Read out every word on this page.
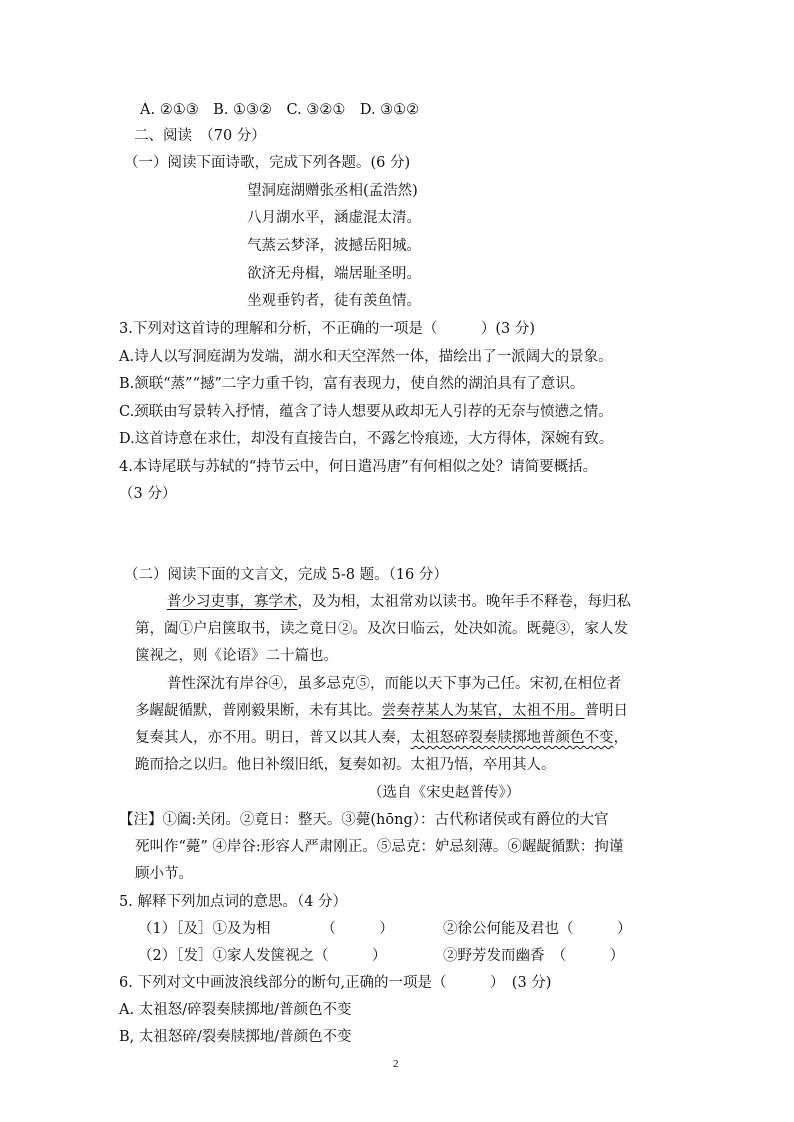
A. ②①③　B. ①③②　C. ③②①　D. ③①②
二、阅读　（70 分）
（一）阅读下面诗歌，完成下列各题。(6 分)
望洞庭湖赠张丞相(孟浩然)
八月湖水平，涵虚混太清。
气蒸云梦泽，波撼岳阳城。
欲济无舟楫，端居耻圣明。
坐观垂钓者，徒有羡鱼情。
3.下列对这首诗的理解和分析，不正确的一项是（　　　）(3 分)
A.诗人以写洞庭湖为发端，湖水和天空浑然一体，描绘出了一派阔大的景象。
B.颔联“蒸”“撼”二字力重千钧，富有表现力，使自然的湖泊具有了意识。
C.颈联由写景转入抒情，蕴含了诗人想要从政却无人引荐的无奈与愤懑之情。
D.这首诗意在求仕，却没有直接告白，不露乞怜痕迹，大方得体，深婉有致。
4.本诗尾联与苏轼的“持节云中，何日遣冯唐”有何相似之处？请简要概括。
（3 分）
（二）阅读下面的文言文，完成 5-8 题。（16 分）
普少习吏事，寡学术，及为相，太祖常劝以读书。晚年手不释卷，每归私
第，阖①户启箧取书，读之竟日②。及次日临云，处决如流。既薨③，家人发
箧视之，则《论语》二十篇也。
普性深沈有岸谷④，虽多忌克⑤，而能以天下事为己任。宋初,在相位者
多龌龊循默，普刚毅果断，未有其比。尝奏荐某人为某官，太祖不用。普明日
复奏其人，亦不用。明日，普又以其人奏，太祖怒碎裂奏牍掷地普颜色不变，
跪而拾之以归。他日补缀旧纸，复奏如初。太祖乃悟，卒用其人。
（选自《宋史赵普传》）
【注】①阖:关闭。②竟日：整天。③薨(hōng）：古代称诸侯或有爵位的大官
死叫作“薨” ④岸谷:形容人严肃刚正。⑤忌克：妒忌刻薄。⑥龌龊循默：拘谨
顾小节。
5. 解释下列加点词的意思。（4 分）
（1）［及］①及为相　　　　（　　　）	②徐公何能及君也（　　　）
（2）［发］①家人发箧视之（　　　）	②野芳发而幽香　（　　　）
6. 下列对文中画波浪线部分的断句,正确的一项是（　　　）　(3 分)
A. 太祖怒/碎裂奏牍掷地/普颜色不变
B, 太祖怒碎/裂奏牍掷地/普颜色不变
2
